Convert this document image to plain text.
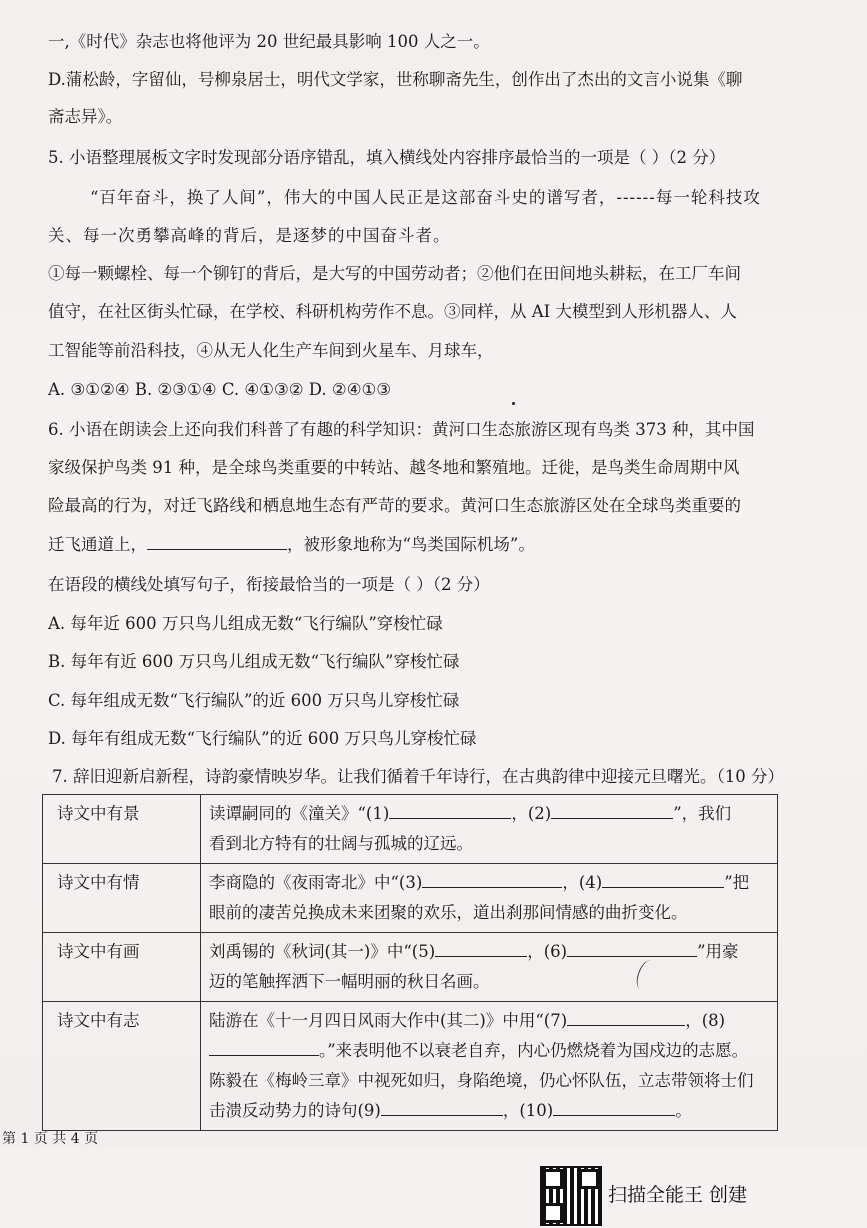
一,《时代》杂志也将他评为 20 世纪最具影响 100 人之一。
D.蒲松龄，字留仙，号柳泉居士，明代文学家，世称聊斋先生，创作出了杰出的文言小说集《聊
斋志异》。
5. 小语整理展板文字时发现部分语序错乱，填入横线处内容排序最恰当的一项是（ ）（2 分）
“百年奋斗，换了人间”，伟大的中国人民正是这部奋斗史的谱写者，------每一轮科技攻
关、每一次勇攀高峰的背后，是逐梦的中国奋斗者。
①每一颗螺栓、每一个铆钉的背后，是大写的中国劳动者；②他们在田间地头耕耘，在工厂车间
值守，在社区街头忙碌，在学校、科研机构劳作不息。③同样，从 AI 大模型到人形机器人、人
工智能等前沿科技，④从无人化生产车间到火星车、月球车，
A. ③①②④ B. ②③①④ C. ④①③② D. ②④①③
6. 小语在朗读会上还向我们科普了有趣的科学知识：黄河口生态旅游区现有鸟类 373 种，其中国
家级保护鸟类 91 种，是全球鸟类重要的中转站、越冬地和繁殖地。迁徙，是鸟类生命周期中风
险最高的行为，对迁飞路线和栖息地生态有严苛的要求。黄河口生态旅游区处在全球鸟类重要的
迁飞通道上，	，被形象地称为“鸟类国际机场”。
在语段的横线处填写句子，衔接最恰当的一项是（ ）（2 分）
A. 每年近 600 万只鸟儿组成无数“飞行编队”穿梭忙碌
B. 每年有近 600 万只鸟儿组成无数“飞行编队”穿梭忙碌
C. 每年组成无数“飞行编队”的近 600 万只鸟儿穿梭忙碌
D. 每年有组成无数“飞行编队”的近 600 万只鸟儿穿梭忙碌
7. 辞旧迎新启新程，诗韵豪情映岁华。让我们循着千年诗行，在古典韵律中迎接元旦曙光。（10 分）
诗文中有景	读谭嗣同的《潼关》“(1) ，(2) ”，我们
看到北方特有的壮阔与孤城的辽远。
诗文中有情	李商隐的《夜雨寄北》中“(3) ，(4) ”把
眼前的凄苦兑换成未来团聚的欢乐，道出刹那间情感的曲折变化。
诗文中有画	刘禹锡的《秋词(其一)》中“(5) ，(6) ”用豪
迈的笔触挥洒下一幅明丽的秋日名画。
诗文中有志	陆游在《十一月四日风雨大作中(其二)》中用“(7) ，(8)
。”来表明他不以衰老自弃，内心仍燃烧着为国戍边的志愿。
陈毅在《梅岭三章》中视死如归，身陷绝境，仍心怀队伍，立志带领将士们
击溃反动势力的诗句(9) ，(10) 。
第 1 页 共 4 页
扫描全能王 创建
